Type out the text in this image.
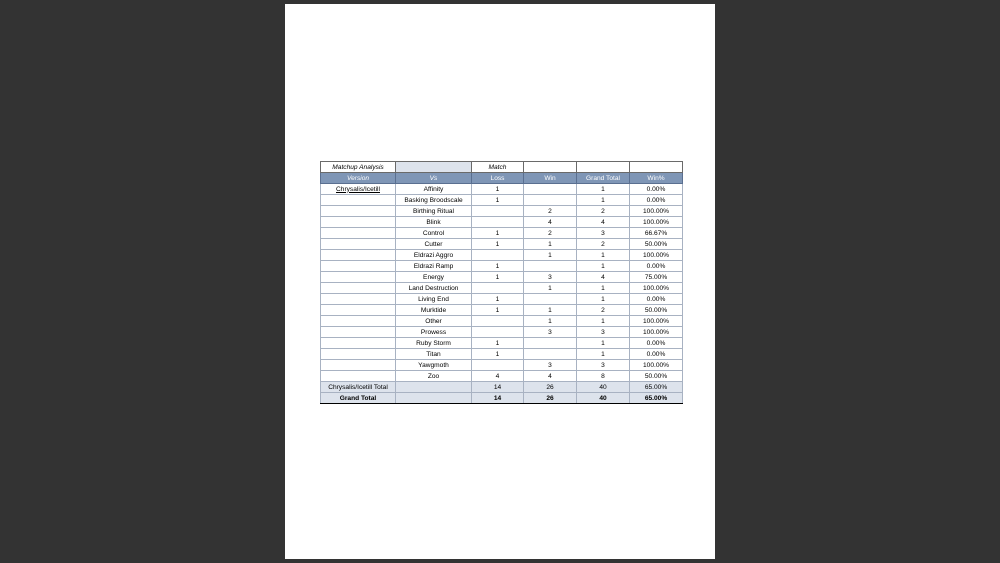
Matchup Analysis		Match			
Version	Vs	Loss	Win	Grand Total	Win%
Chrysalis/Icetill	Affinity	1		1	0.00%
	Basking Broodscale	1		1	0.00%
	Birthing Ritual		2	2	100.00%
	Blink		4	4	100.00%
	Control	1	2	3	66.67%
	Cutter	1	1	2	50.00%
	Eldrazi Aggro		1	1	100.00%
	Eldrazi Ramp	1		1	0.00%
	Energy	1	3	4	75.00%
	Land Destruction		1	1	100.00%
	Living End	1		1	0.00%
	Murktide	1	1	2	50.00%
	Other		1	1	100.00%
	Prowess		3	3	100.00%
	Ruby Storm	1		1	0.00%
	Titan	1		1	0.00%
	Yawgmoth		3	3	100.00%
	Zoo	4	4	8	50.00%
Chrysalis/Icetill Total		14	26	40	65.00%
Grand Total		14	26	40	65.00%
